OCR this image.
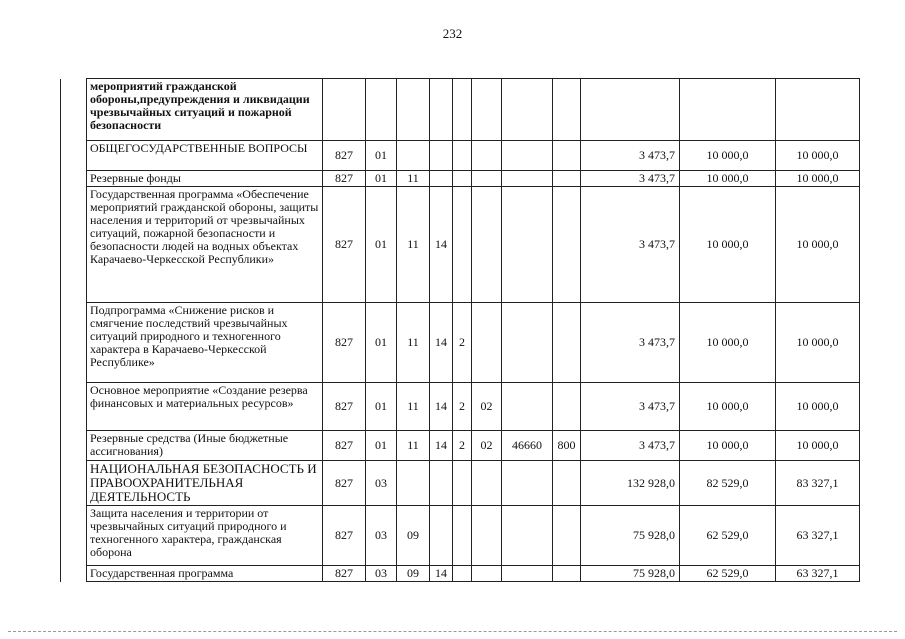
232
	мероприятий гражданской обороны,предупреждения и ликвидации чрезвычайных ситуаций и пожарной безопасности											
	ОБЩЕГОСУДАРСТВЕННЫЕ ВОПРОСЫ	827	01							3 473,7	10 000,0	10 000,0
	Резервные фонды	827	01	11						3 473,7	10 000,0	10 000,0
	Государственная программа «Обеспечение мероприятий гражданской обороны, защиты населения и территорий от чрезвычайных ситуаций, пожарной безопасности и безопасности людей на водных объектах Карачаево-Черкесской Республики»	827	01	11	14					3 473,7	10 000,0	10 000,0
	Подпрограмма «Снижение рисков и смягчение последствий чрезвычайных ситуаций природного и техногенного характера в Карачаево-Черкесской Республике»	827	01	11	14	2				3 473,7	10 000,0	10 000,0
	Основное мероприятие «Создание резерва финансовых и материальных ресурсов»	827	01	11	14	2	02			3 473,7	10 000,0	10 000,0
	Резервные средства (Иные бюджетные ассигнования)	827	01	11	14	2	02	46660	800	3 473,7	10 000,0	10 000,0
	НАЦИОНАЛЬНАЯ БЕЗОПАСНОСТЬ И ПРАВООХРАНИТЕЛЬНАЯ ДЕЯТЕЛЬНОСТЬ	827	03							132 928,0	82 529,0	83 327,1
	Защита населения и территории от чрезвычайных ситуаций природного и техногенного характера, гражданская оборона	827	03	09						75 928,0	62 529,0	63 327,1
	Государственная программа	827	03	09	14					75 928,0	62 529,0	63 327,1
